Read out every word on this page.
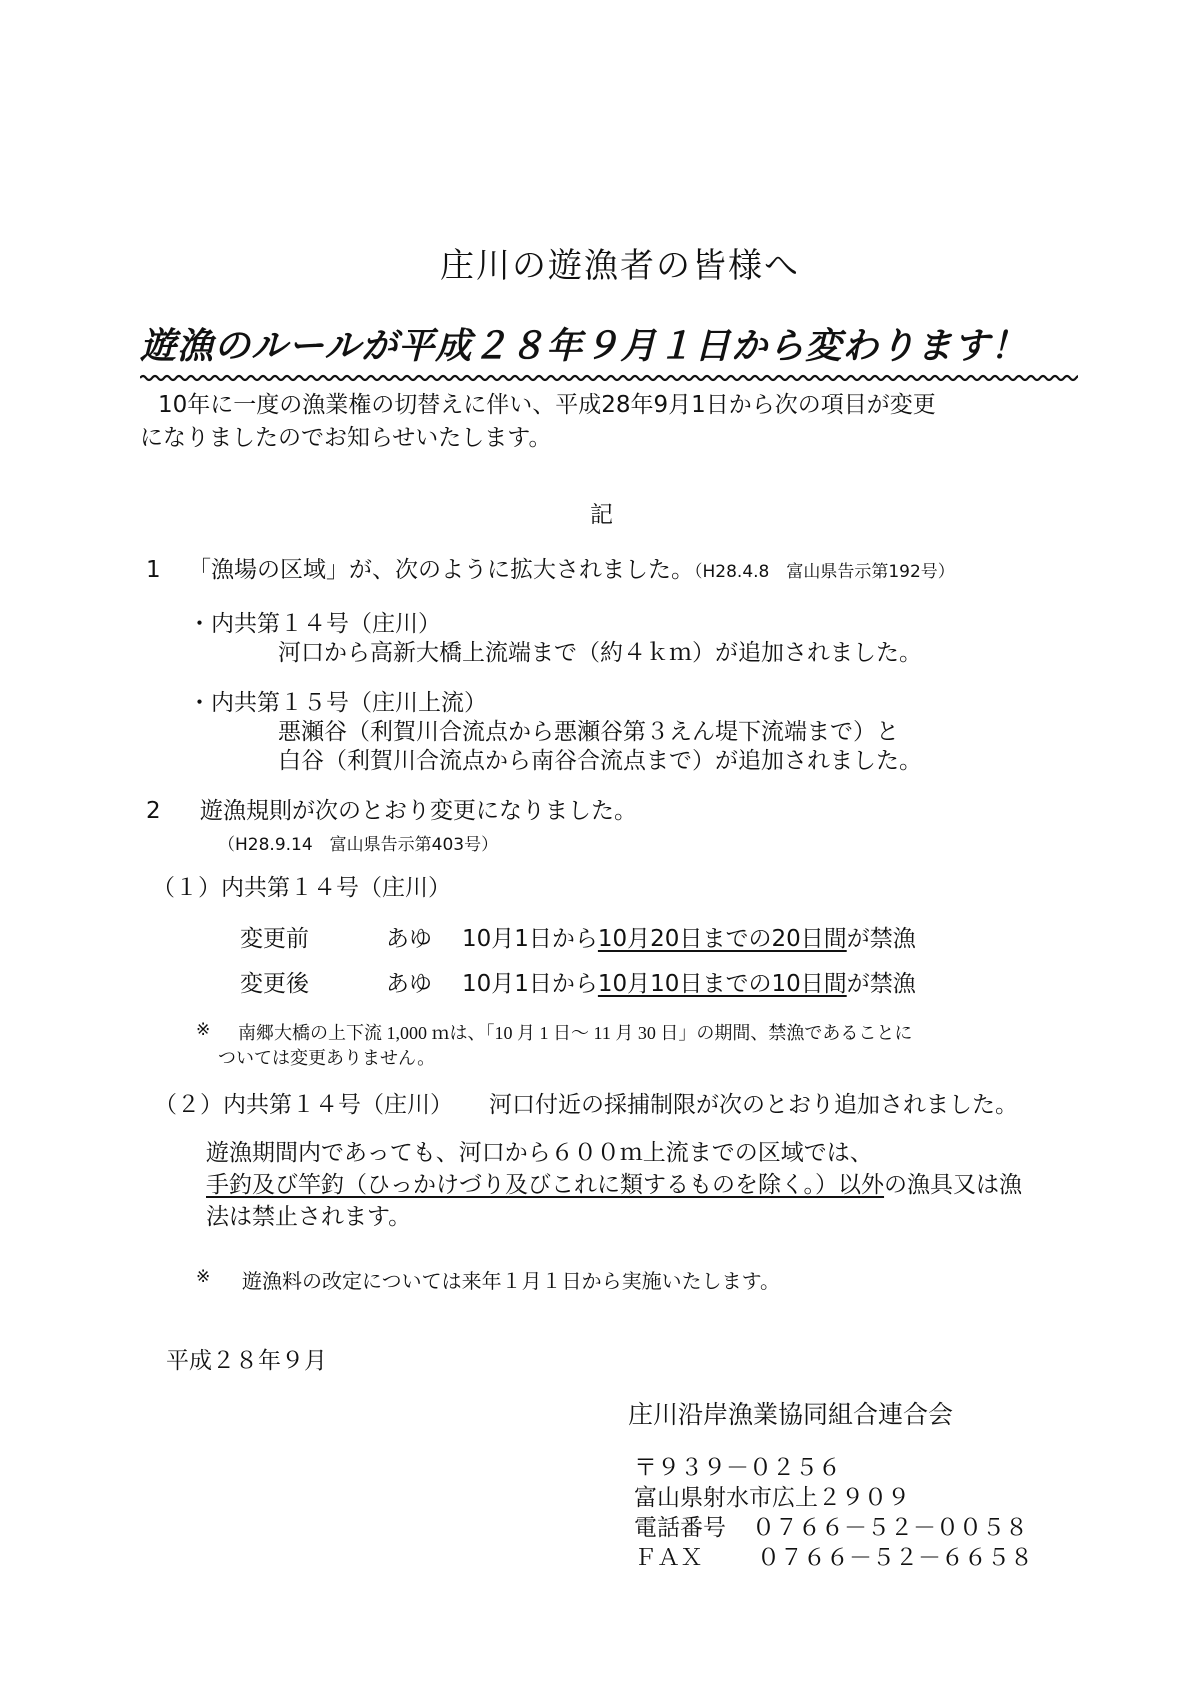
庄川の遊漁者の皆様へ
遊漁のルールが平成２８年９月１日から変わります！
10年に一度の漁業権の切替えに伴い、平成28年9月1日から次の項目が変更
になりましたのでお知らせいたします。
記
1 「漁場の区域」が、次のように拡大されました。（H28.4.8　富山県告示第192号）
・内共第１４号（庄川）
河口から高新大橋上流端まで（約４ｋｍ）が追加されました。
・内共第１５号（庄川上流）
悪瀬谷（利賀川合流点から悪瀬谷第３えん堤下流端まで）と
白谷（利賀川合流点から南谷合流点まで）が追加されました。
2 遊漁規則が次のとおり変更になりました。
（H28.9.14　富山県告示第403号）
（１）内共第１４号（庄川）
変更前	あゆ 10月1日から10月20日までの20日間が禁漁
変更後	あゆ 10月1日から10月10日までの10日間が禁漁
※ 南郷大橋の上下流 1,000 ｍは、「10 月 1 日～ 11 月 30 日」の期間、禁漁であることに
ついては変更ありません。
（２）内共第１４号（庄川） 河口付近の採捕制限が次のとおり追加されました。
遊漁期間内であっても、河口から６００ｍ上流までの区域では、
手釣及び竿釣（ひっかけづり及びこれに類するものを除く。）以外の漁具又は漁
法は禁止されます。
※ 遊漁料の改定については来年１月１日から実施いたします。
平成２８年９月
庄川沿岸漁業協同組合連合会
〒９３９－０２５６
富山県射水市広上２９０９
電話番号 ０７６６－５２－００５８
ＦＡＸ ０７６６－５２－６６５８
